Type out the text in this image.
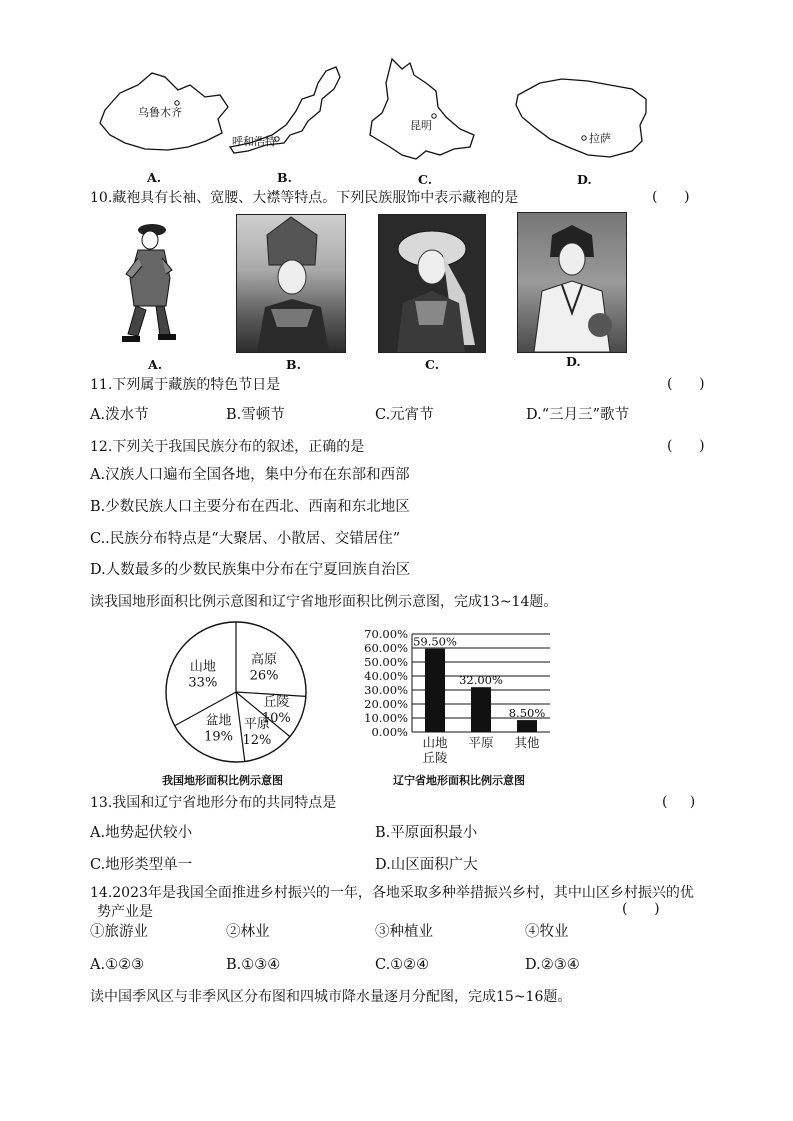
乌鲁木齐
呼和浩特
昆明
拉萨
A.	B.	C.	D.
10.藏袍具有长袖、宽腰、大襟等特点。下列民族服饰中表示藏袍的是	(      )
A.	B.	C.	D.
11.下列属于藏族的特色节日是	(      )
A.泼水节	B.雪顿节	C.元宵节	D.“三月三”歌节
12.下列关于我国民族分布的叙述，正确的是	(      )
A.汉族人口遍布全国各地，集中分布在东部和西部
B.少数民族人口主要分布在西北、西南和东北地区
C..民族分布特点是“大聚居、小散居、交错居住”
D.人数最多的少数民族集中分布在宁夏回族自治区
读我国地形面积比例示意图和辽宁省地形面积比例示意图，完成13~14题。
高原
26%
丘陵
10%
平原
12%
盆地
19%
山地
33%
我国地形面积比例示意图
0.00%
10.00%
20.00%
30.00%
40.00%
50.00%
60.00%
70.00%
59.50%
山地
丘陵
32.00%
平原
8.50%
其他
辽宁省地形面积比例示意图
13.我国和辽宁省地形分布的共同特点是	(     )
A.地势起伏较小	B.平原面积最小
C.地形类型单一	D.山区面积广大
14.2023年是我国全面推进乡村振兴的一年，各地采取多种举措振兴乡村，其中山区乡村振兴的优
势产业是	(      )
①旅游业	②林业	③种植业	④牧业
A.①②③	B.①③④	C.①②④	D.②③④
读中国季风区与非季风区分布图和四城市降水量逐月分配图，完成15~16题。
